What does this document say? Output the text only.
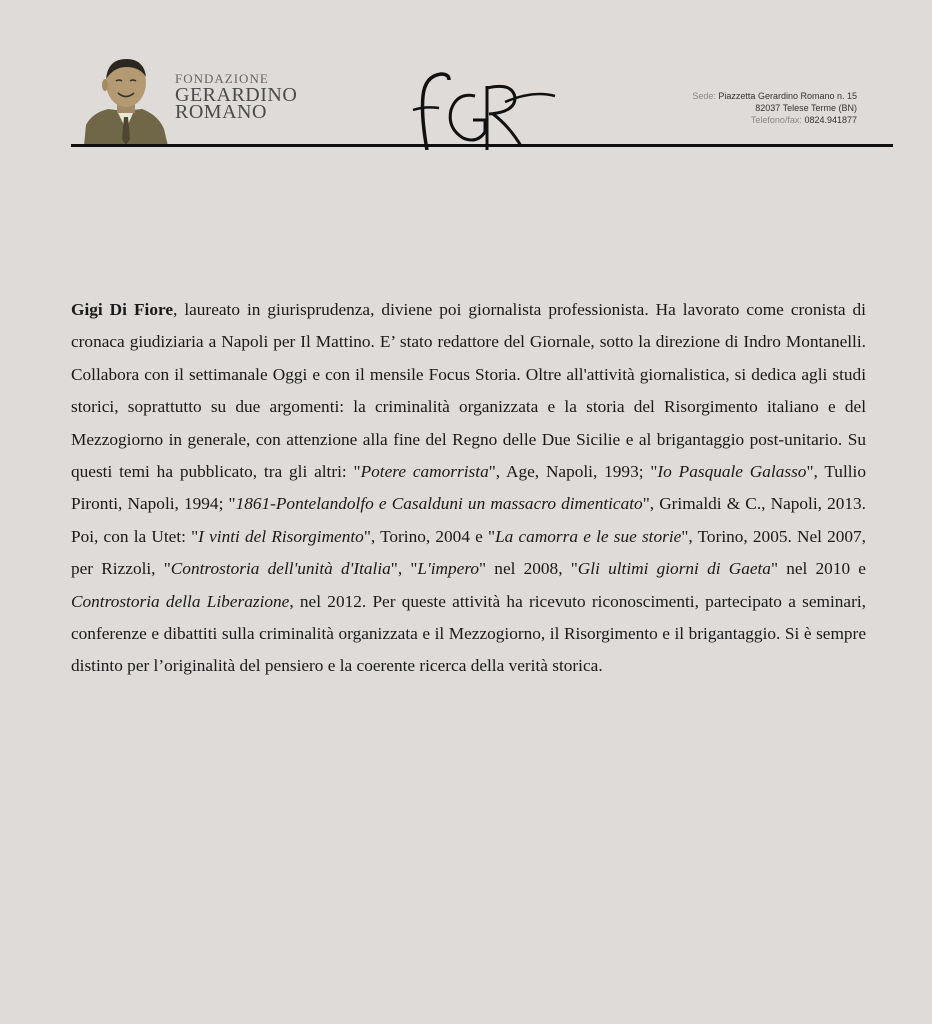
FONDAZIONE
GERARDINO
ROMANO
Sede: Piazzetta Gerardino Romano n. 15
82037 Telese Terme (BN)
Telefono/fax: 0824.941877

Gigi Di Fiore, laureato in giurisprudenza, diviene poi giornalista professionista. Ha lavorato come cronista di cronaca giudiziaria a Napoli per Il Mattino. E’ stato redattore del Giornale, sotto la direzione di Indro Montanelli. Collabora con il settimanale Oggi e con il mensile Focus Storia. Oltre all'attività giornalistica, si dedica agli studi storici, soprattutto su due argomenti: la criminalità organizzata e la storia del Risorgimento italiano e del Mezzogiorno in generale, con attenzione alla fine del Regno delle Due Sicilie e al brigantaggio post-unitario. Su questi temi ha pubblicato, tra gli altri: "Potere camorrista", Age, Napoli, 1993; "Io Pasquale Galasso", Tullio Pironti, Napoli, 1994; "1861-Pontelandolfo e Casalduni un massacro dimenticato", Grimaldi & C., Napoli, 2013. Poi, con la Utet: "I vinti del Risorgimento", Torino, 2004 e "La camorra e le sue storie", Torino, 2005. Nel 2007, per Rizzoli, "Controstoria dell'unità d'Italia", "L'impero" nel 2008, "Gli ultimi giorni di Gaeta" nel 2010 e Controstoria della Liberazione, nel 2012. Per queste attività ha ricevuto riconoscimenti, partecipato a seminari, conferenze e dibattiti sulla criminalità organizzata e il Mezzogiorno, il Risorgimento e il brigantaggio. Si è sempre distinto per l’originalità del pensiero e la coerente ricerca della verità storica.
